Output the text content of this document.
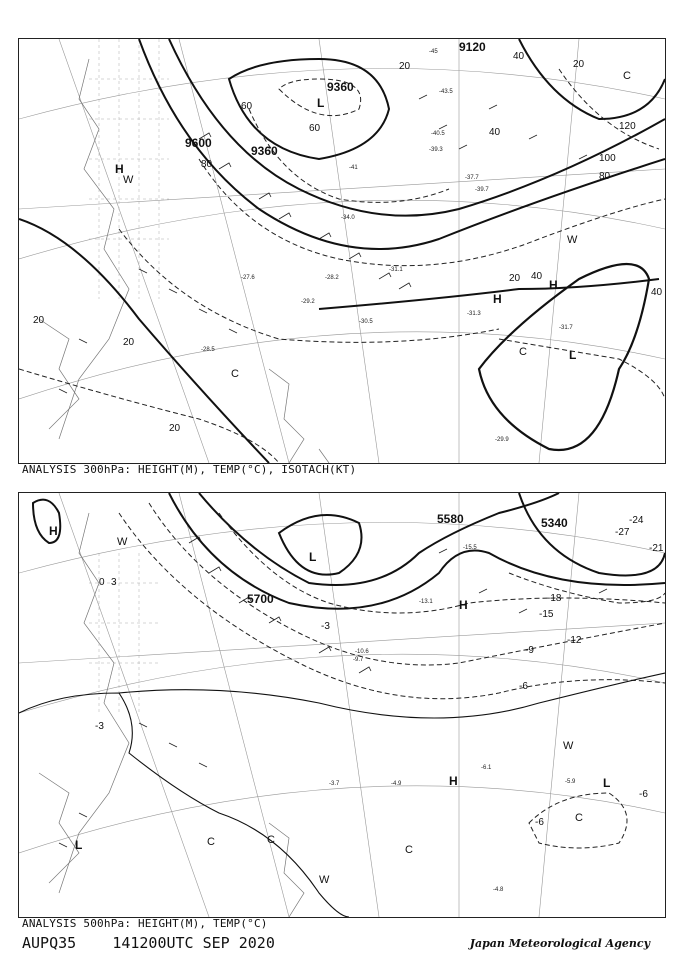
9120
9600
9360
9360
20
40
60
80
100
120
20
40
60
80
20
40
20
20
40
20
-45
-43.5
-41
-40.5
-39.3
-34.0
-31.1
-28.2
-27.6
-29.2
-31.3
-31.7
-29.9
-28.5
-30.5
-37.7
-39.7
L
H
H
H
L
C
C
W
W
C
ANALYSIS 300hPa: HEIGHT(M), TEMP(°C), ISOTACH(KT)
5700
5580	5340
-3
-6
-9
-12
-15
-18
-24
-27
-21
-3
-6
-6
0 3
-9.7
-10.6
-13.1
-15.5
-4.9
-3.7
-6.1
-5.9
-4.8
H
L
H
L
L
W
W
W
C	C
C
C
H
ANALYSIS 500hPa: HEIGHT(M), TEMP(°C)
AUPQ35 141200UTC SEP 2020	Japan Meteorological Agency
